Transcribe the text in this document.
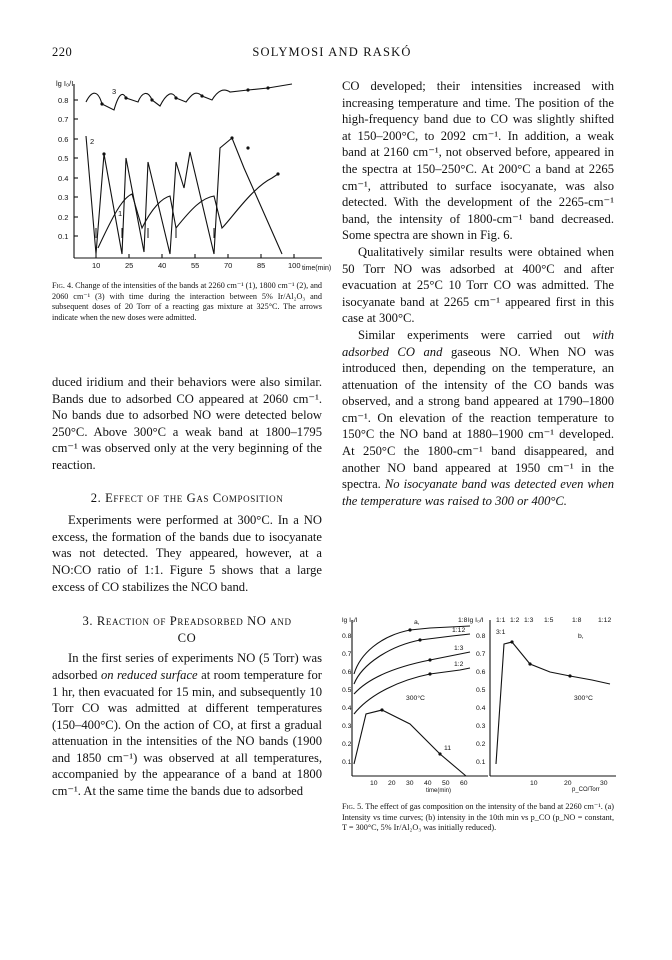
220	SOLYMOSI AND RASKÓ
lg I₀/I
0.8
0.7
0.6
0.5
0.4
0.3
0.2
0.1
10	25	40	55	70	85	100 time(min)
3
2
1
Fig. 4. Change of the intensities of the bands at 2260 cm⁻¹ (1), 1800 cm⁻¹ (2), and 2060 cm⁻¹ (3) with time during the interaction between 5% Ir/Al₂O₃ and subsequent doses of 20 Torr of a reacting gas mixture at 325°C. The arrows indicate when the new doses were admitted.

duced iridium and their behaviors were also similar. Bands due to adsorbed CO appeared at 2060 cm⁻¹. No bands due to adsorbed NO were detected below 250°C. Above 300°C a weak band at 1800–1795 cm⁻¹ was observed only at the very beginning of the reaction.

2. Effect of the Gas Composition

Experiments were performed at 300°C. In a NO excess, the formation of the bands due to isocyanate was not detected. They appeared, however, at a NO:CO ratio of 1:1. Figure 5 shows that a large excess of CO stabilizes the NCO band.

3. Reaction of Preadsorbed NO and

CO

In the first series of experiments NO (5 Torr) was adsorbed on reduced surface at room temperature for 1 hr, then evacuated for 15 min, and subsequently 10 Torr CO was admitted at different temperatures (150–400°C). On the action of CO, at first a gradual attenuation in the intensities of the NO bands (1900 and 1850 cm⁻¹) was observed at all temperatures, accompanied by the appearance of a band at 1800 cm⁻¹. At the same time the bands due to adsorbed

CO developed; their intensities increased with increasing temperature and time. The position of the high-frequency band due to CO was slightly shifted at 150–200°C, to 2092 cm⁻¹. In addition, a weak band at 2160 cm⁻¹, not observed before, appeared in the spectra at 150–250°C. At 200°C a band at 2265 cm⁻¹, attributed to surface isocyanate, was also detected. With the development of the 2265-cm⁻¹ band, the intensity of 1800-cm⁻¹ band decreased. Some spectra are shown in Fig. 6.

Qualitatively similar results were obtained when 50 Torr NO was adsorbed at 400°C and after evacuation at 25°C 10 Torr CO was admitted. The isocyanate band at 2265 cm⁻¹ appeared first in this case at 300°C.

Similar experiments were carried out with adsorbed CO and gaseous NO. When NO was introduced then, depending on the temperature, an attenuation of the intensity of the CO bands was observed, and a strong band appeared at 1790–1800 cm⁻¹. On elevation of the reaction temperature to 150°C the NO band at 1880–1900 cm⁻¹ developed. At 250°C the 1800-cm⁻¹ band disappeared, and another NO band appeared at 1950 cm⁻¹ in the spectra. No isocyanate band was detected even when the temperature was raised to 300 or 400°C.

lg I₀/I
0.8
0.7
0.6
0.5
0.4
0.3
0.2
0.1
10 20 30 40 50 60
time(min)
a,
300°C
1:8
1:12
1:3
1:2
11
lg I₀/I
0.8
0.7
0.6
0.5
0.4
0.3
0.2
0.1
1:1 1:2 1:3 1:5	1:8 1:12
3:1
b,
300°C
10	20	30
p_CO/Torr
Fig. 5. The effect of gas composition on the intensity of the band at 2260 cm⁻¹. (a) Intensity vs time curves; (b) intensity in the 10th min vs p_CO (p_NO = constant, T = 300°C, 5% Ir/Al₂O₃ was initially reduced).
